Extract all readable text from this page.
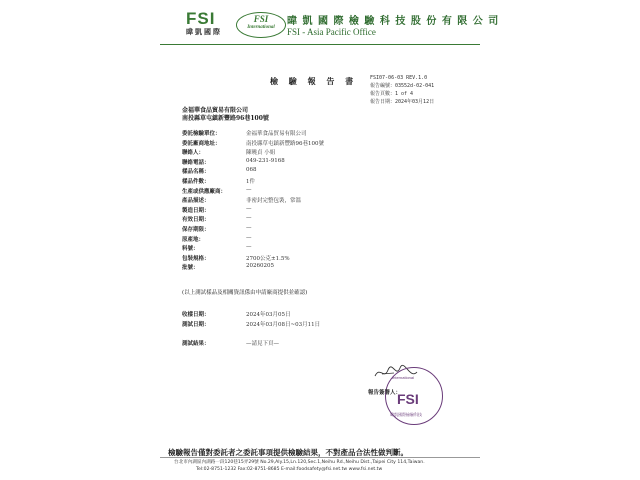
FSI
暐凱國際
FSI
International
暐 凱 國 際 檢 驗 科 技 股 份 有 限 公 司
FSI - Asia Pacific Office
檢 驗 報 告 書	FSI07-06-03 REV.1.0
報告編號：03552d-02-041
報告頁數：1 of 4
報告日期：2024年03月12日
金福華食品貿易有限公司
南投縣草屯鎮新豐路96巷100號
委託檢驗單位：	金福華食品貿易有限公司
委託廠商地址：	南投縣草屯鎮新豐路96巷100號
聯絡人：	陳曉貞 小姐
聯絡電話：	049-231-9168
樣品名稱：	068
樣品件數：	1件
生產或供應廠商：	—
產品描述：	非密封完整包裝，常溫
製造日期：	—
有效日期：	—
保存期限：	—
原產地：	—
料號：	—
包裝規格：	2700公克±1.5%
批號：	20260205
(以上測試樣品及相關資訊係由申請廠商提供並確認)
收樣日期：	2024年03月05日
測試日期：	2024年03月08日~03月11日
測試結果：	—請見下頁—
International
FSI
暐凱國際檢驗科技
報告簽署人：
檢驗報告僅對委託者之委託事項提供檢驗結果，不對產品合法性做判斷。
台北市內湖區內湖路一段120巷15弄29號 No.29,Aly.15,Ln.120,Sec.1,Neihu Rd.,Neihu Dist.,Taipei City 114,Taiwan.
Tel:02-8751-1232 Fax:02-8751-8685 E-mail:foodsafety@fsi.net.tw www.fsi.net.tw
